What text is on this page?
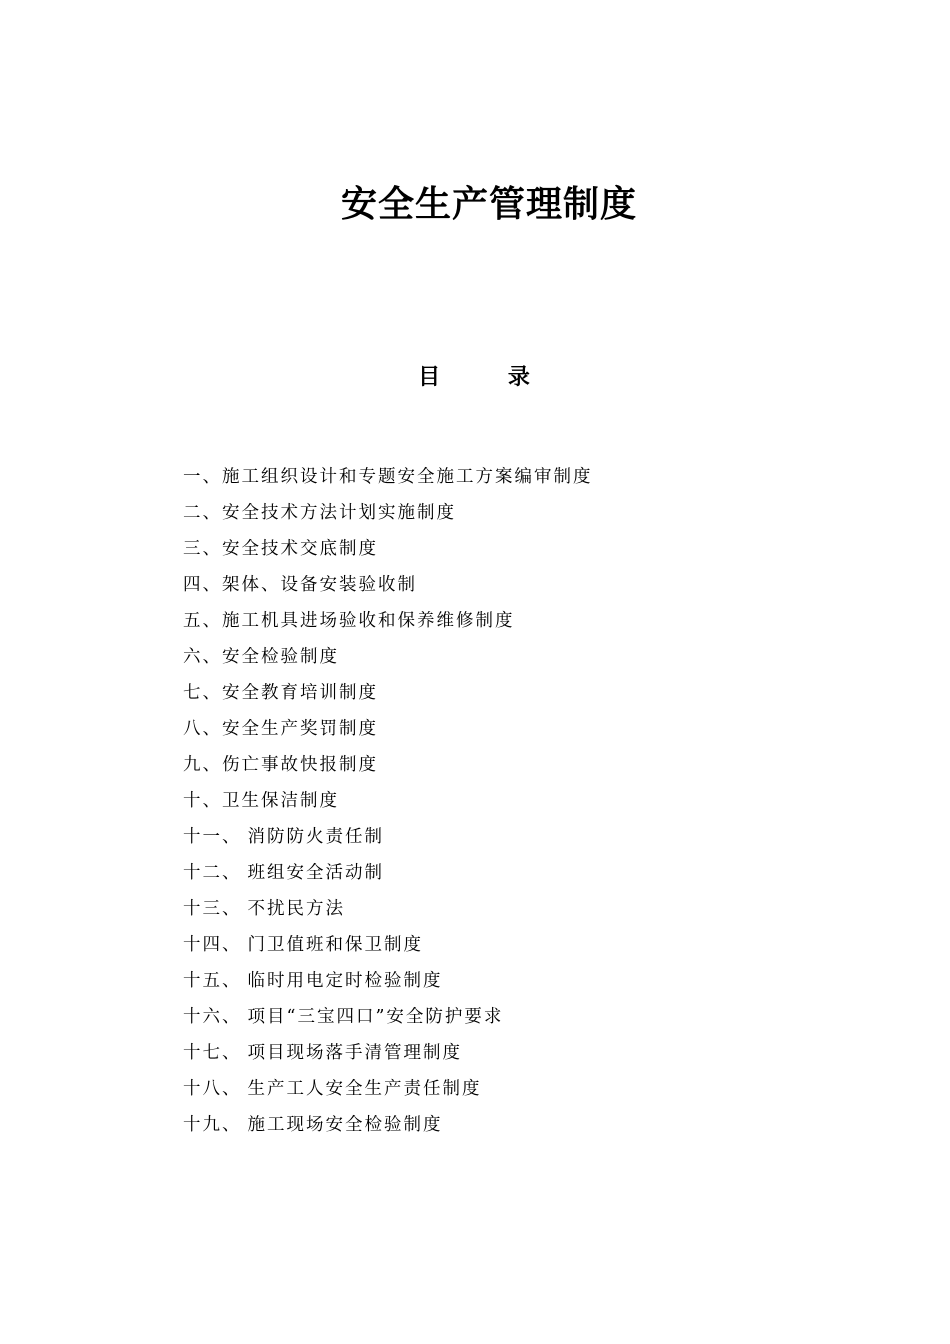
安全生产管理制度
目 录
一、施工组织设计和专题安全施工方案编审制度
二、安全技术方法计划实施制度
三、安全技术交底制度
四、架体、设备安装验收制
五、施工机具进场验收和保养维修制度
六、安全检验制度
七、安全教育培训制度
八、安全生产奖罚制度
九、伤亡事故快报制度
十、卫生保洁制度
十一、 消防防火责任制
十二、 班组安全活动制
十三、 不扰民方法
十四、 门卫值班和保卫制度
十五、 临时用电定时检验制度
十六、 项目“三宝四口”安全防护要求
十七、 项目现场落手清管理制度
十八、 生产工人安全生产责任制度
十九、 施工现场安全检验制度
